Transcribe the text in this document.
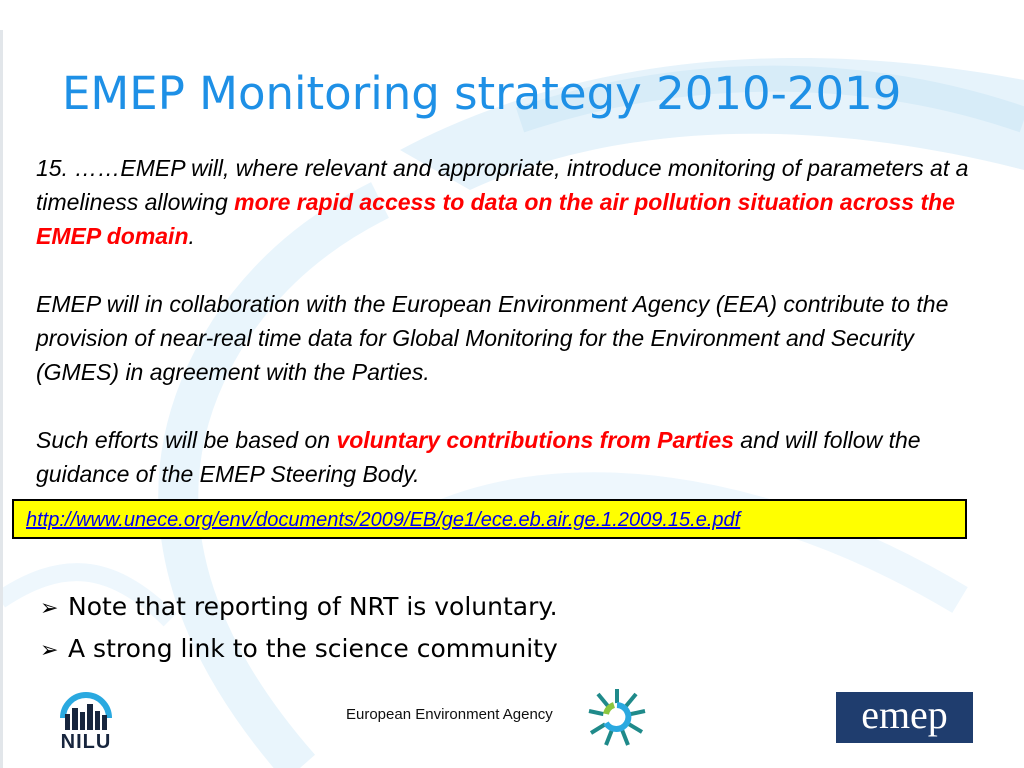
EMEP Monitoring strategy 2010-2019

15. ……EMEP will, where relevant and appropriate, introduce monitoring of parameters at a timeliness allowing more rapid access to data on the air pollution situation across the EMEP domain.

EMEP will in collaboration with the European Environment Agency (EEA) contribute to the provision of near-real time data for Global Monitoring for the Environment and Security (GMES) in agreement with the Parties.

Such efforts will be based on voluntary contributions from Parties and will follow the guidance of the EMEP Steering Body.

http://www.unece.org/env/documents/2009/EB/ge1/ece.eb.air.ge.1.2009.15.e.pdf
➢ Note that reporting of NRT is voluntary.
➢ A strong link to the science community
NILU
European Environment Agency	emep
